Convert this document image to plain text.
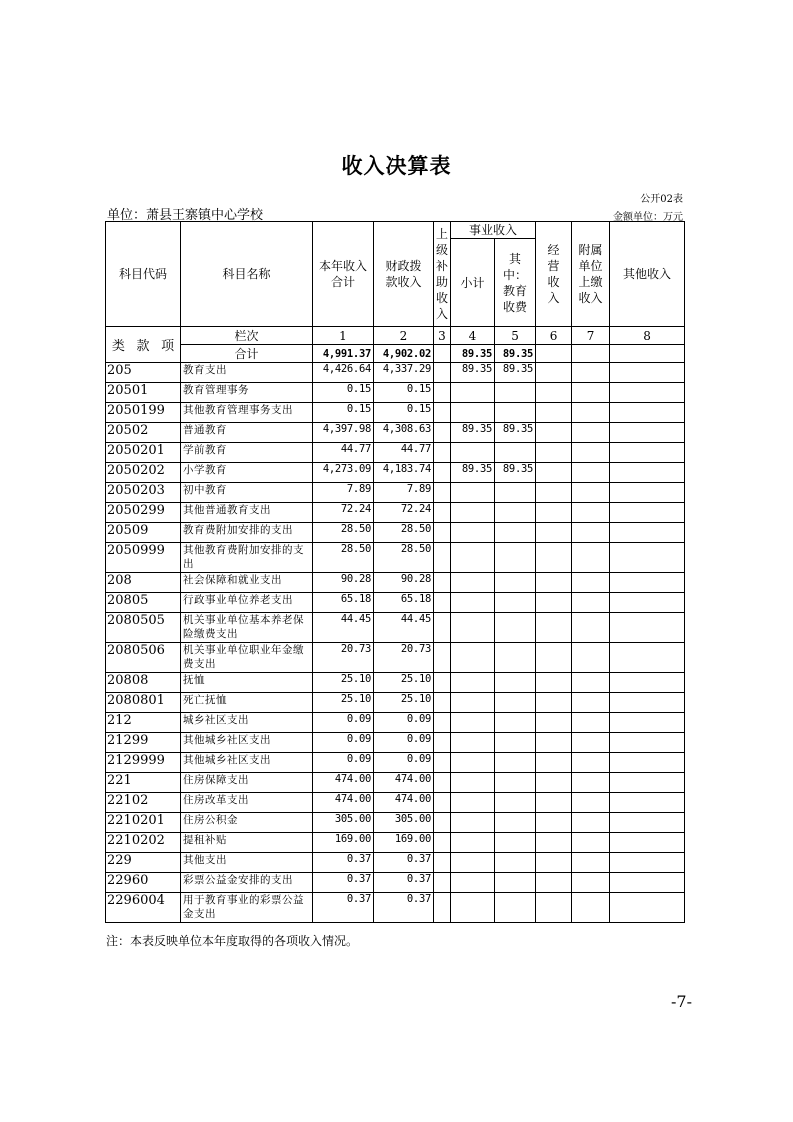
收入决算表
公开02表
单位：萧县王寨镇中心学校	金额单位：万元
科目代码	科目名称	本年收入合计	财政拨款收入	上级补助收入	事业收入		经营收入	附属单位上缴收入	其他收入
					小计	其中：教育收费			

类 款 项	栏次	1	2	3	4	5	6	7	8
	合计	4,991.37	4,902.02		89.35	89.35			
205	教育支出	4,426.64	4,337.29		89.35	89.35			
20501	教育管理事务	0.15	0.15						
2050199	其他教育管理事务支出	0.15	0.15						
20502	普通教育	4,397.98	4,308.63		89.35	89.35			
2050201	学前教育	44.77	44.77						
2050202	小学教育	4,273.09	4,183.74		89.35	89.35			
2050203	初中教育	7.89	7.89						
2050299	其他普通教育支出	72.24	72.24						
20509	教育费附加安排的支出	28.50	28.50						
2050999	其他教育费附加安排的支出	28.50	28.50						
208	社会保障和就业支出	90.28	90.28						
20805	行政事业单位养老支出	65.18	65.18						
2080505	机关事业单位基本养老保险缴费支出	44.45	44.45						
2080506	机关事业单位职业年金缴费支出	20.73	20.73						
20808	抚恤	25.10	25.10						
2080801	死亡抚恤	25.10	25.10						
212	城乡社区支出	0.09	0.09						
21299	其他城乡社区支出	0.09	0.09						
2129999	其他城乡社区支出	0.09	0.09						
221	住房保障支出	474.00	474.00						
22102	住房改革支出	474.00	474.00						
2210201	住房公积金	305.00	305.00						
2210202	提租补贴	169.00	169.00						
229	其他支出	0.37	0.37						
22960	彩票公益金安排的支出	0.37	0.37						
2296004	用于教育事业的彩票公益金支出	0.37	0.37						
注：本表反映单位本年度取得的各项收入情况。
-7-
